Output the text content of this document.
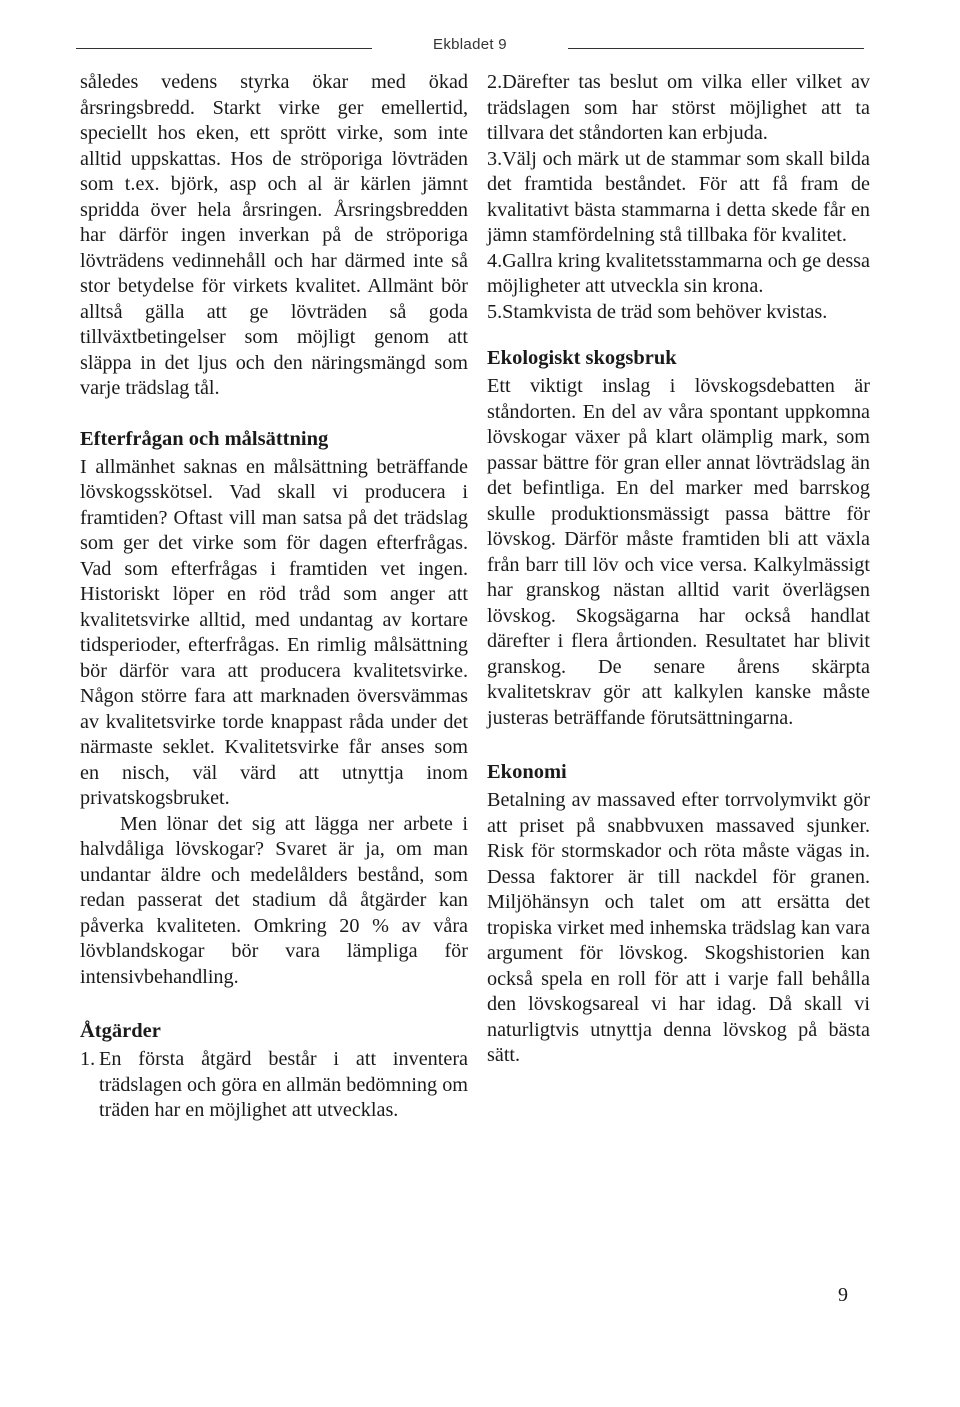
Ekbladet 9

således vedens styrka ökar med ökad årsringsbredd. Starkt virke ger emellertid, speciellt hos eken, ett sprött virke, som inte alltid uppskattas. Hos de ströporiga lövträden som t.ex. björk, asp och al är kärlen jämnt spridda över hela årsringen. Årsringsbredden har därför ingen inverkan på de ströporiga lövträdens vedinnehåll och har därmed inte så stor betydelse för virkets kvalitet. Allmänt bör alltså gälla att ge lövträden så goda tillväxtbetingelser som möjligt genom att släppa in det ljus och den näringsmängd som varje trädslag tål.

Efterfrågan och målsättning

I allmänhet saknas en målsättning beträffande lövskogsskötsel. Vad skall vi producera i framtiden? Oftast vill man satsa på det trädslag som ger det virke som för dagen efterfrågas. Vad som efterfrågas i framtiden vet ingen. Historiskt löper en röd tråd som anger att kvalitetsvirke alltid, med undantag av kortare tidsperioder, efterfrågas. En rimlig målsättning bör därför vara att producera kvalitetsvirke. Någon större fara att marknaden översvämmas av kvalitetsvirke torde knappast råda under det närmaste seklet. Kvalitetsvirke får anses som en nisch, väl värd att utnyttja inom privatskogsbruket.

Men lönar det sig att lägga ner arbete i halvdåliga lövskogar? Svaret är ja, om man undantar äldre och medelålders bestånd, som redan passerat det stadium då åtgärder kan påverka kvaliteten. Omkring 20 % av våra lövblandskogar bör vara lämpliga för intensivbehandling.

Åtgärder
1. En första åtgärd består i att inventera trädslagen och göra en allmän bedömning om träden har en möjlighet att utvecklas.
2.Därefter tas beslut om vilka eller vilket av trädslagen som har störst möjlighet att ta tillvara det ståndorten kan erbjuda.
3.Välj och märk ut de stammar som skall bilda det framtida beståndet. För att få fram de kvalitativt bästa stammarna i detta skede får en jämn stamfördelning stå tillbaka för kvalitet.
4.Gallra kring kvalitetsstammarna och ge dessa möjligheter att utveckla sin krona.
5.Stamkvista de träd som behöver kvistas.
Ekologiskt skogsbruk

Ett viktigt inslag i lövskogsdebatten är ståndorten. En del av våra spontant uppkomna lövskogar växer på klart olämplig mark, som passar bättre för gran eller annat lövträdslag än det befintliga. En del marker med barrskog skulle produktionsmässigt passa bättre för lövskog. Därför måste framtiden bli att växla från barr till löv och vice versa. Kalkylmässigt har granskog nästan alltid varit överlägsen lövskog. Skogsägarna har också handlat därefter i flera årtionden. Resultatet har blivit granskog. De senare årens skärpta kvalitetskrav gör att kalkylen kanske måste justeras beträffande förutsättningarna.

Ekonomi

Betalning av massaved efter torrvolymvikt gör att priset på snabbvuxen massaved sjunker. Risk för stormskador och röta måste vägas in. Dessa faktorer är till nackdel för granen. Miljöhänsyn och talet om att ersätta det tropiska virket med inhemska trädslag kan vara argument för lövskog. Skogshistorien kan också spela en roll för att i varje fall behålla den lövskogsareal vi har idag. Då skall vi naturligtvis utnyttja denna lövskog på bästa sätt.

9
